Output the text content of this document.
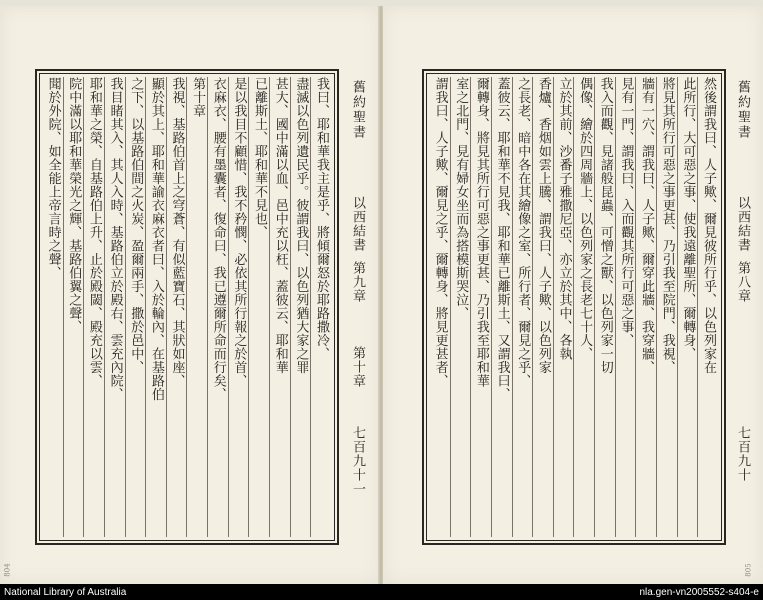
舊約聖書
以西結書
第九章
第十章
七百九十一
舊約聖書
以西結書
第八章
七百九十
我曰、耶和華我主是乎、將傾爾怒於耶路撒冷、
盡滅以色列遺民乎。彼謂我曰、以色列猶大家之罪
甚大、國中滿以血、邑中充以枉、蓋彼云、耶和華
已離斯土、耶和華不見也、
是以我目不顧惜、我不矜憫、必依其所行報之於首、
衣麻衣、腰有墨囊者、復命曰、我已遵爾所命而行矣、
第十章
我視、基路伯首上之穹蒼、有似藍寶石、其狀如座、
顯於其上、耶和華諭衣麻衣者曰、入於輪內、在基路伯
之下、以基路伯間之火炭、盈爾兩手、撒於邑中、
我目睹其入、其人入時、基路伯立於殿右、雲充內院、
耶和華之榮、自基路伯上升、止於殿閾、殿充以雲、
院中滿以耶和華榮光之輝、基路伯翼之聲、
聞於外院、如全能上帝言時之聲、	然後謂我曰、人子歟、爾見彼所行乎、以色列家在
此所行、大可惡之事、使我遠離聖所、爾轉身、
將見其所行可惡之事更甚、乃引我至院門、我視、
牆有一穴、謂我曰、人子歟、爾穿此牆、我穿牆、
見有一門、謂我曰、入而觀其所行可惡之事、
我入而觀、見諸般昆蟲、可憎之獸、以色列家一切
偶像、繪於四周牆上、以色列家之長老七十人、
立於其前、沙番子雅撒尼亞、亦立於其中、各執
香爐、香烟如雲上騰、謂我曰、人子歟、以色列家
之長老、暗中各在其繪像之室、所行者、爾見之乎、
蓋彼云、耶和華不見我、耶和華已離斯土、又謂我曰、
爾轉身、將見其所行可惡之事更甚、乃引我至耶和華
室之北門、見有婦女坐而為搭模斯哭泣、
謂我曰、人子歟、爾見之乎、爾轉身、將見更甚者、
804	805
National Library of Australia	nla.gen-vn2005552-s404-e
